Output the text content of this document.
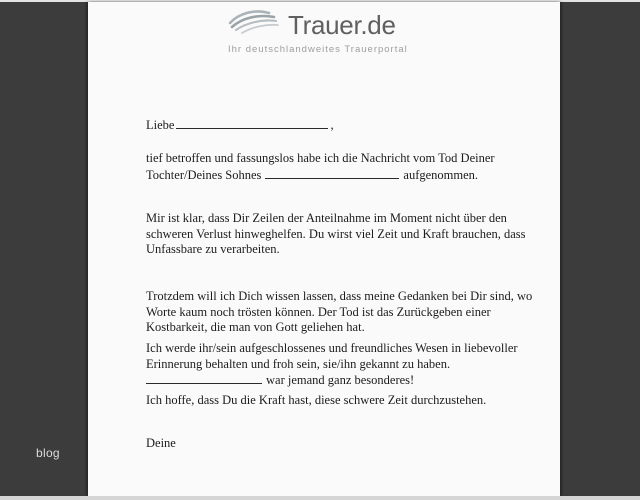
blog
Trauer.de
Ihr deutschlandweites Trauerportal
Liebe	,
tief betroffen und fassungslos habe ich die Nachricht vom Tod Deiner
Tochter/Deines Sohnes	aufgenommen.
Mir ist klar, dass Dir Zeilen der Anteilnahme im Moment nicht über den
schweren Verlust hinweghelfen. Du wirst viel Zeit und Kraft brauchen, dass
Unfassbare zu verarbeiten.
Trotzdem will ich Dich wissen lassen, dass meine Gedanken bei Dir sind, wo
Worte kaum noch trösten können. Der Tod ist das Zurückgeben einer
Kostbarkeit, die man von Gott geliehen hat.
Ich werde ihr/sein aufgeschlossenes und freundliches Wesen in liebevoller
Erinnerung behalten und froh sein, sie/ihn gekannt zu haben.
war jemand ganz besonderes!
Ich hoffe, dass Du die Kraft hast, diese schwere Zeit durchzustehen.
Deine
